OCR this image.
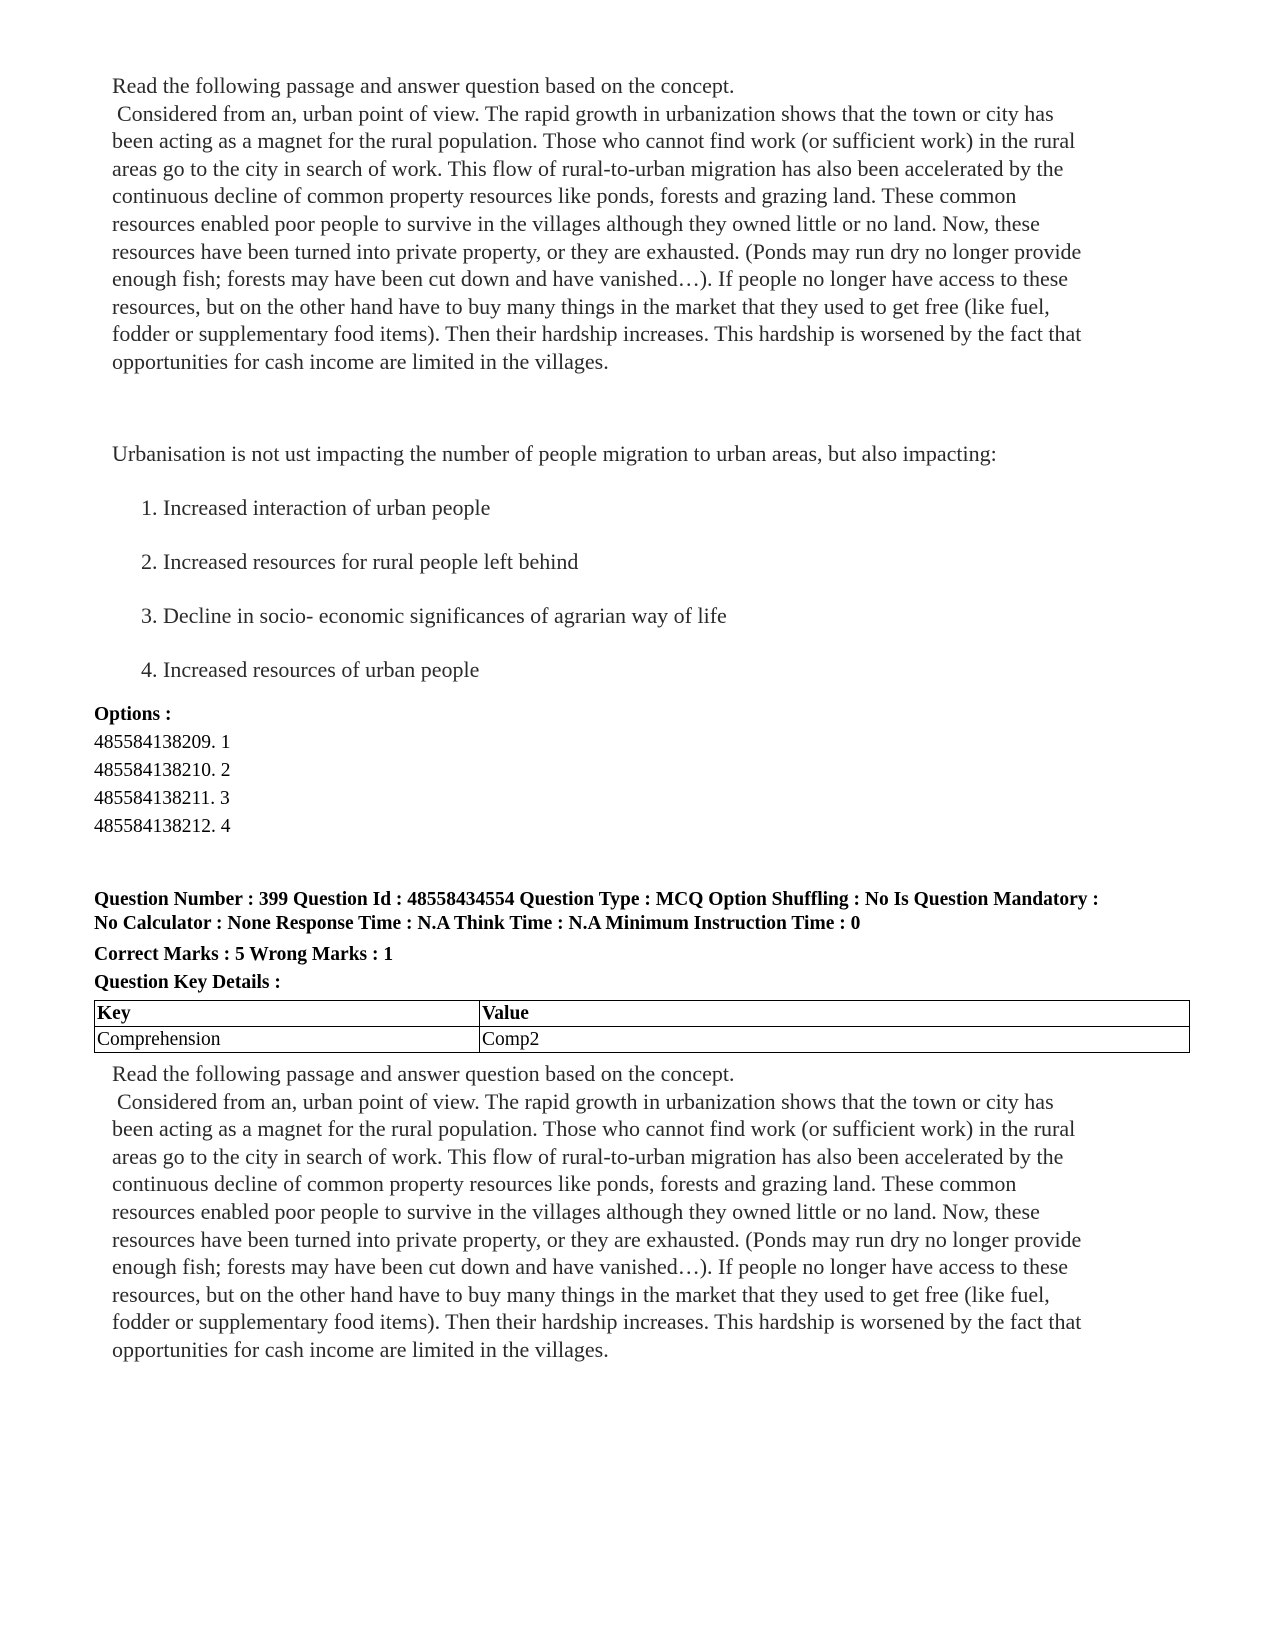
Read the following passage and answer question based on the concept.
Considered from an, urban point of view. The rapid growth in urbanization shows that the town or city has
been acting as a magnet for the rural population. Those who cannot find work (or sufficient work) in the rural
areas go to the city in search of work. This flow of rural-to-urban migration has also been accelerated by the
continuous decline of common property resources like ponds, forests and grazing land. These common
resources enabled poor people to survive in the villages although they owned little or no land. Now, these
resources have been turned into private property, or they are exhausted. (Ponds may run dry no longer provide
enough fish; forests may have been cut down and have vanished…). If people no longer have access to these
resources, but on the other hand have to buy many things in the market that they used to get free (like fuel,
fodder or supplementary food items). Then their hardship increases. This hardship is worsened by the fact that
opportunities for cash income are limited in the villages.
Urbanisation is not ust impacting the number of people migration to urban areas, but also impacting:
1. Increased interaction of urban people
2. Increased resources for rural people left behind
3. Decline in socio- economic significances of agrarian way of life
4. Increased resources of urban people
Options :
485584138209. 1
485584138210. 2
485584138211. 3
485584138212. 4
Question Number : 399 Question Id : 48558434554 Question Type : MCQ Option Shuffling : No Is Question Mandatory :
No Calculator : None Response Time : N.A Think Time : N.A Minimum Instruction Time : 0
Correct Marks : 5 Wrong Marks : 1
Question Key Details :
Key	Value
Comprehension	Comp2
Read the following passage and answer question based on the concept.
Considered from an, urban point of view. The rapid growth in urbanization shows that the town or city has
been acting as a magnet for the rural population. Those who cannot find work (or sufficient work) in the rural
areas go to the city in search of work. This flow of rural-to-urban migration has also been accelerated by the
continuous decline of common property resources like ponds, forests and grazing land. These common
resources enabled poor people to survive in the villages although they owned little or no land. Now, these
resources have been turned into private property, or they are exhausted. (Ponds may run dry no longer provide
enough fish; forests may have been cut down and have vanished…). If people no longer have access to these
resources, but on the other hand have to buy many things in the market that they used to get free (like fuel,
fodder or supplementary food items). Then their hardship increases. This hardship is worsened by the fact that
opportunities for cash income are limited in the villages.
